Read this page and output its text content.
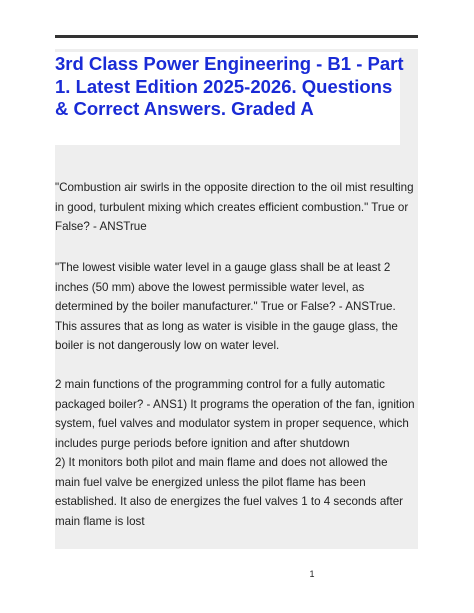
3rd Class Power Engineering - B1 - Part 1. Latest Edition 2025-2026. Questions & Correct Answers. Graded A

"Combustion air swirls in the opposite direction to the oil mist resulting in good, turbulent mixing which creates efficient combustion." True or False? - ANSTrue

"The lowest visible water level in a gauge glass shall be at least 2 inches (50 mm) above the lowest permissible water level, as determined by the boiler manufacturer." True or False? - ANSTrue. This assures that as long as water is visible in the gauge glass, the boiler is not dangerously low on water level.

2 main functions of the programming control for a fully automatic packaged boiler? - ANS1) It programs the operation of the fan, ignition system, fuel valves and modulator system in proper sequence, which includes purge periods before ignition and after shutdown

2) It monitors both pilot and main flame and does not allowed the main fuel valve be energized unless the pilot flame has been established. It also de energizes the fuel valves 1 to 4 seconds after main flame is lost

1
